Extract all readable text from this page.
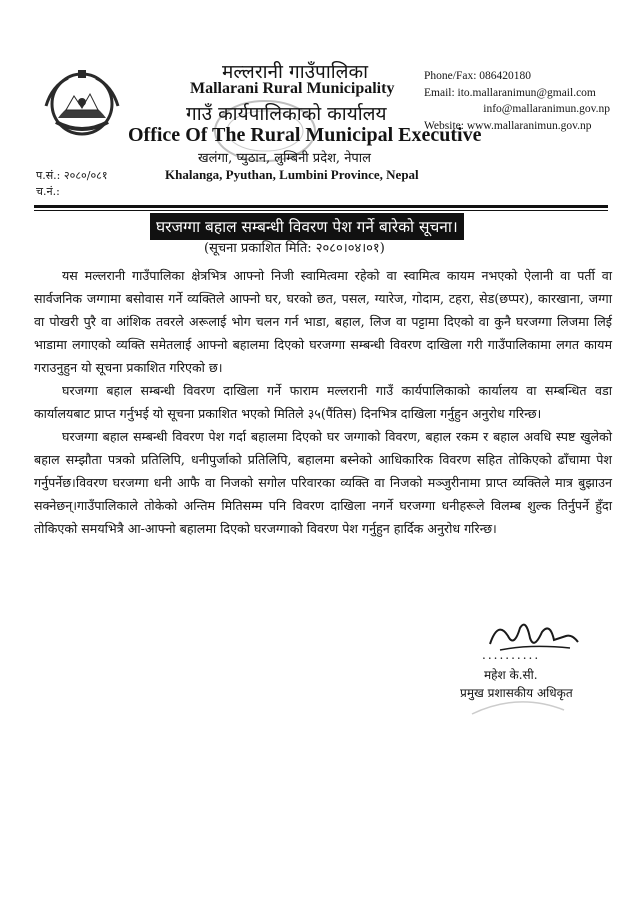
मल्लरानी गाउँपालिका
Mallarani Rural Municipality
गाउँ कार्यपालिकाको कार्यालय
Office Of The Rural Municipal Executive
खलंगा, प्युठान, लुम्बिनी प्रदेश, नेपाल
Khalanga, Pyuthan, Lumbini Province, Nepal
Phone/Fax: 086420180
Email: ito.mallaranimun@gmail.com
info@mallaranimun.gov.np
Website: www.mallaranimun.gov.np
प.सं.: २०८०/०८१
च.नं.:
घरजग्गा बहाल सम्बन्धी विवरण पेश गर्ने बारेको सूचना।
(सूचना प्रकाशित मिति: २०८०।०४।०१)

यस मल्लरानी गाउँपालिका क्षेत्रभित्र आफ्नो निजी स्वामित्वमा रहेको वा स्वामित्व कायम नभएको ऐलानी वा पर्ती वा सार्वजनिक जग्गामा बसोवास गर्ने व्यक्तिले आफ्नो घर, घरको छत, पसल, ग्यारेज, गोदाम, टहरा, सेड(छप्पर), कारखाना, जग्गा वा पोखरी पुरै वा आंशिक तवरले अरूलाई भोग चलन गर्न भाडा, बहाल, लिज वा पट्टामा दिएको वा कुनै घरजग्गा लिजमा लिई भाडामा लगाएको व्यक्ति समेतलाई आफ्नो बहालमा दिएको घरजग्गा सम्बन्धी विवरण दाखिला गरी गाउँपालिकामा लगत कायम गराउनुहुन यो सूचना प्रकाशित गरिएको छ।

घरजग्गा बहाल सम्बन्धी विवरण दाखिला गर्ने फाराम मल्लरानी गाउँ कार्यपालिकाको कार्यालय वा सम्बन्धित वडा कार्यालयबाट प्राप्त गर्नुभई यो सूचना प्रकाशित भएको मितिले ३५(पैंतिस) दिनभित्र दाखिला गर्नुहुन अनुरोध गरिन्छ।

घरजग्गा बहाल सम्बन्धी विवरण पेश गर्दा बहालमा दिएको घर जग्गाको विवरण, बहाल रकम र बहाल अवधि स्पष्ट खुलेको बहाल सम्झौता पत्रको प्रतिलिपि, धनीपुर्जाको प्रतिलिपि, बहालमा बस्नेको आधिकारिक विवरण सहित तोकिएको ढाँचामा पेश गर्नुपर्नेछ।विवरण घरजग्गा धनी आफै वा निजको सगोल परिवारका व्यक्ति वा निजको मञ्जुरीनामा प्राप्त व्यक्तिले मात्र बुझाउन सक्नेछन्।गाउँपालिकाले तोकेको अन्तिम मितिसम्म पनि विवरण दाखिला नगर्ने घरजग्गा धनीहरूले विलम्ब शुल्क तिर्नुपर्ने हुँदा तोकिएको समयभित्रै आ-आफ्नो बहालमा दिएको घरजग्गाको विवरण पेश गर्नुहुन हार्दिक अनुरोध गरिन्छ।

..........
महेश के.सी.
प्रमुख प्रशासकीय अधिकृत
